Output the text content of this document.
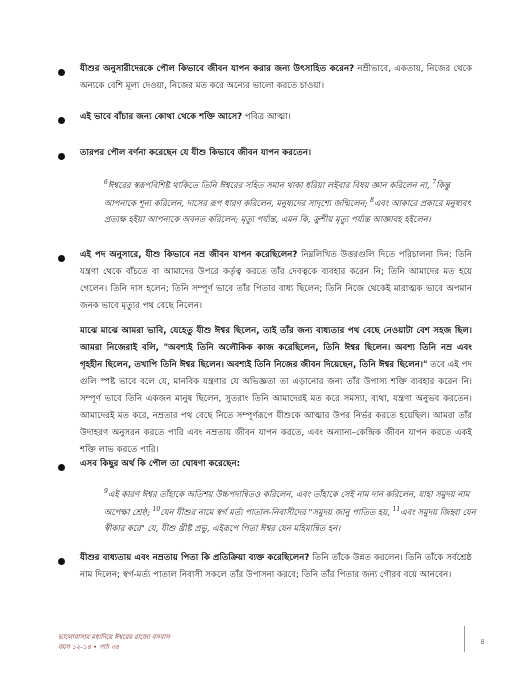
যীশুর অনুসারীদেরকে পৌল কিভাবে জীবন যাপন করার জন্য উৎসাহিত করেন? নম্রীভাবে, একতায়, নিজের থেকে অন্যকে বেশি মূল্য দেওয়া, নিজের মত করে অন্যের ভালো করতে চাওয়া।
এই ভাবে বাঁচার জন্য কোথা থেকে শক্তি আসে? পবিত্র আত্মা।
তারপর পৌল বর্ণনা করেছেন যে যীশু কিভাবে জীবন যাপন করতেন।
$^6$ঈশ্বরের স্বরূপবিশিষ্ট থাকিতে তিনি ঈশ্বরের সহিত সমান থাকা ধরিয়া লইবার বিষয় জ্ঞান করিলেন না, $^7$কিন্তু আপনাকে শূন্য করিলেন, দাসের রূপ ধারণ করিলেন, মনুষ্যদের সাদৃশ্যে জন্মিলেন; $^8$এবং আকারে প্রকারে মনুষ্যবৎ প্রত্যক্ষ হইয়া আপনাকে অবনত করিলেন; মৃত্যু পর্য্যন্ত, এমন কি, ক্রুশীয় মৃত্যু পর্য্যন্ত আজ্ঞাবহ হইলেন।
এই পদ অনুসারে, যীশু কিভাবে নম্র জীবন যাপন করেছিলেন? নিম্নলিখিত উত্তরগুলি দিতে পরিচালনা দিন: তিনি যন্ত্রণা থেকে বাঁচতে বা আমাদের উপরে কর্তৃত্ব করতে তাঁর দেবত্বকে ব্যবহার করেন নি; তিনি আমাদের মত হয়ে গেলেন। তিনি দাস হলেন; তিনি সম্পূর্ণ ভাবে তাঁর পিতার বাধ্য ছিলেন; তিনি নিজে থেকেই মারাত্মক ভাবে অপমান জনক ভাবে মৃত্যুর পথ বেছে নিলেন।
মাঝে মাঝে আমরা ভাবি, যেহেতু যীশু ঈশ্বর ছিলেন, তাই তাঁর জন্য বাধ্যতার পথ বেছে নেওয়াটা বেশ সহজ ছিল। আমরা নিজেরাই বলি, "অবশ্যই তিনি অলৌকিক কাজ করেছিলেন, তিনি ঈশ্বর ছিলেন। অবশ্য তিনি নম্র এবং গৃহহীন ছিলেন, তখাপি তিনি ঈশ্বর ছিলেন। অবশ্যই তিনি নিজের জীবন দিয়েছেন, তিনি ঈশ্বর ছিলেন।" তবে এই পদ গুলি স্পষ্ট ভাবে বলে যে, মানবিক যন্ত্রণার যে অভিজ্ঞতা তা এড়ানোর জন্য তাঁর উপাস্য শক্তি ব্যবহার করেন নি। সম্পূর্ণ ভাবে তিনি একজন মানুষ ছিলেন, সুতরাং তিনি আমাদেরই মত করে সমস্যা, ব্যথা, যন্ত্রণা অনুভব করতেন। আমাদেরই মত করে, নম্রতার পথ বেছে নিতে সম্পূর্ণরূপে যীশুকে আত্মার উপর নির্ভর করতে হয়েছিল। আমরা তাঁর উদাহরণ অনুসরন করতে পারি এবং নম্রতায় জীবন যাপন করতে, এবং অন্যান্য–কেন্দ্রিক জীবন যাপন করতে একই শক্তি লাভ করতে পারি।
এসব কিছুর অর্থ কি পৌল তা ঘোষণা করেছেন:
$^9$এই কারণ ঈশ্বর তাঁহাকে অতিশয় উচ্চপদান্বিতও করিলেন, এবং তাঁহাকে সেই নাম দান করিলেন, যাহা সমুদয় নাম অপেক্ষা শ্রেষ্ঠ; $^{10}$যেন যীশুর নামে স্বর্গ মর্ত্য পাতাল-নিবাসীদের "সমুদয় জানু পাতিত হয়, $^{11}$এবং সমুদয় জিহ্বা যেন স্বীকার করে" যে, যীশু খ্রীষ্ট প্রভু, এইরূপে পিতা ঈশ্বর যেন মহিমান্বিত হন।
যীশুর বাধ্যতায় এবং নম্রতায় পিতা কি প্রতিক্রিয়া ব্যক্ত করেছিলেন? তিনি তাঁকে উন্নত করলেন। তিনি তাঁকে সর্বশ্রেষ্ঠ নাম দিলেন; স্বর্গ-মর্ত্য পাতাল নিবাসী সকলে তাঁর উপাসনা করবে; তিনি তাঁর পিতার জন্য গৌরব বয়ে আনবেন।
ভালোবাসার মধ্যদিয়ে ঈশ্বরের রাজ্যে বসবাস
বয়স ১২-১৪ • পাঠ ৩৪
৪
